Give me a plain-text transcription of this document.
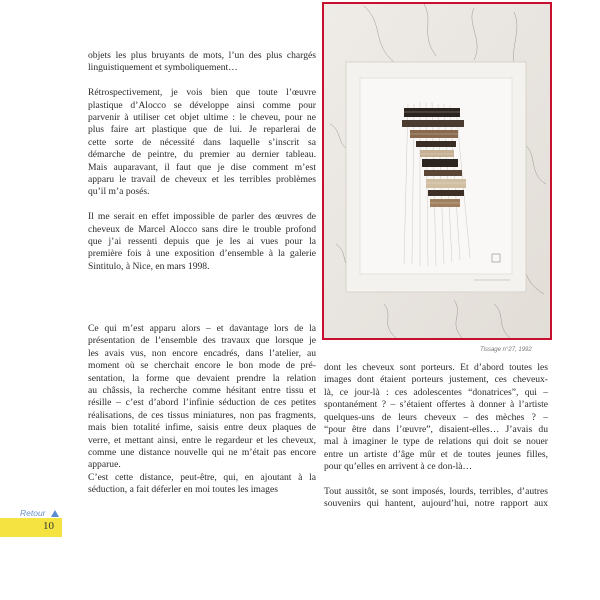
objets les plus bruyants de mots, l’un des plus chargés
linguistiquement et symboliquement…
Rétrospectivement, je vois bien que toute l’œuvre
plastique d’Alocco se développe ainsi comme pour
parvenir à utiliser cet objet ultime : le cheveu, pour ne
plus faire art plastique que de lui. Je reparlerai de
cette sorte de nécessité dans laquelle s’inscrit sa
démarche de peintre, du premier au dernier tableau.
Mais auparavant, il faut que je dise comment m’est
apparu le travail de cheveux et les terribles problèmes
qu’il m’a posés.
Il me serait en effet impossible de parler des œuvres de
cheveux de Marcel Alocco sans dire le trouble profond
que j’ai ressenti depuis que je les ai vues pour la
première fois à une exposition d’ensemble à la galerie
Sintitulo, à Nice, en mars 1998.
Ce qui m’est apparu alors – et davantage lors de la
présentation de l’ensemble des travaux que lorsque je
les avais vus, non encore encadrés, dans l’atelier, au
moment où se cherchait encore le bon mode de pré-
sentation, la forme que devaient prendre la relation
au châssis, la recherche comme hésitant entre tissu et
résille – c’est d’abord l’infinie séduction de ces petites
réalisations, de ces tissus miniatures, non pas fragments,
mais bien totalité infime, saisis entre deux plaques de
verre, et mettant ainsi, entre le regardeur et les cheveux,
comme une distance nouvelle qui ne m’était pas encore
apparue.
C’est cette distance, peut-être, qui, en ajoutant à la
séduction, a fait déferler en moi toutes les images
Tissage n°27, 1992
dont les cheveux sont porteurs. Et d’abord toutes les
images dont étaient porteurs justement, ces cheveux-
là, ce jour-là : ces adolescentes “donatrices”, qui –
spontanément ? – s’étaient offertes à donner à l’artiste
quelques-uns de leurs cheveux – des mèches ? –
“pour être dans l’œuvre”, disaient-elles… J’avais du
mal à imaginer le type de relations qui doit se nouer
entre un artiste d’âge mûr et de toutes jeunes filles,
pour qu’elles en arrivent à ce don-là…
Tout aussitôt, se sont imposés, lourds, terribles, d’autres
souvenirs qui hantent, aujourd’hui, notre rapport aux
Retour
10
